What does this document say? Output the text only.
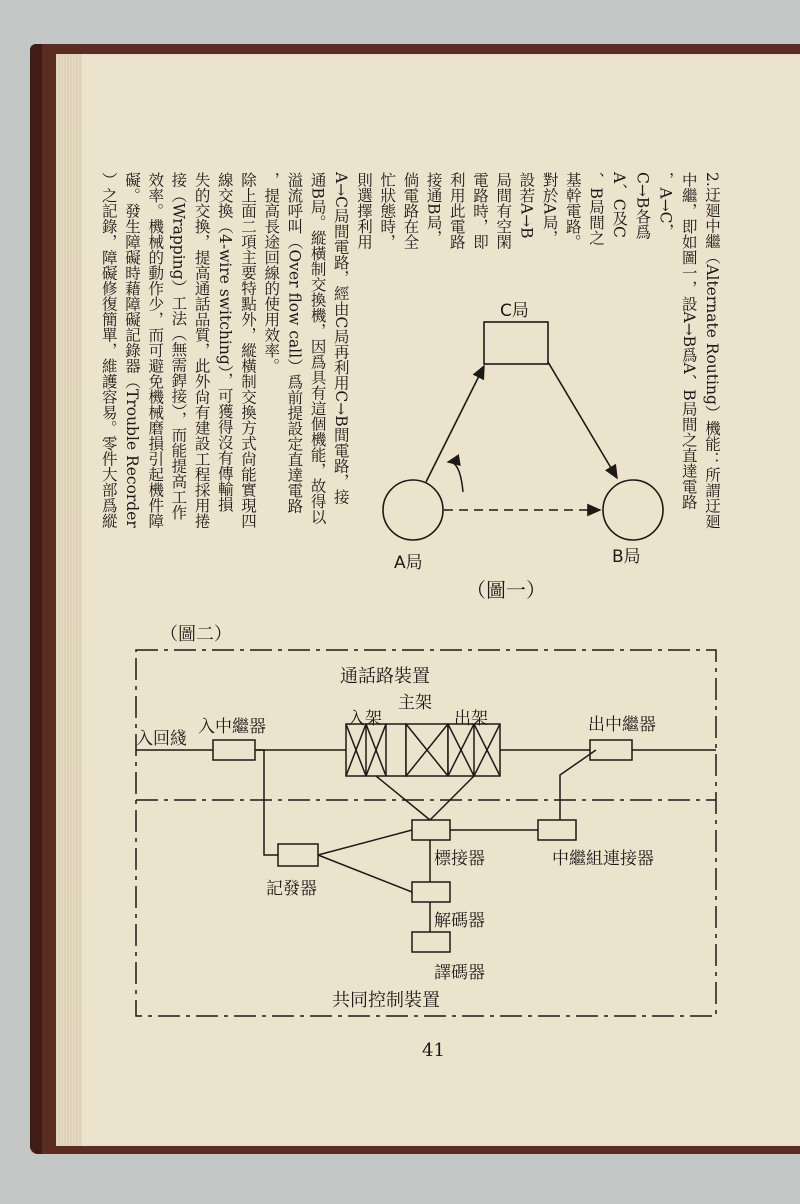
2.迂廻中繼（Alternate Routing）機能：所謂迂廻
中繼，即如圖一，設A→B爲A、B局間之直達電路
，A→C，
C→B各爲
A、C及C
、B局間之
基幹電路。
對於A局，
設若A→B
局間有空閑
電路時，即
利用此電路
接通B局，
倘電路在全
忙狀態時，
則選擇利用
A→C局間電路，經由C局再利用C→B間電路，接
通B局。縱橫制交換機，因爲具有這個機能，故得以
溢流呼叫（Over flow call）爲前提設定直達電路
，提高長途回線的使用效率。
除上面二項主要特點外，縱橫制交換方式尙能實現四
線交換（4-wire switching），可獲得沒有傳輸損
失的交換，提高通話品質，此外尙有建設工程採用捲
接（Wrapping）工法（無需銲接），而能提高工作
效率。機械的動作少，而可避免機械磨損引起機件障
礙。發生障礙時藉障礙記錄器（Trouble Recorder
）之記錄，障礙修復簡單，維護容易。零件大部爲縱	C局
A局	B局
（圖一）
（圖二）
通話路裝置
主架
入架	出架
入回綫
入中繼器	出中繼器
標接器	中繼組連接器
記發器
解碼器
譯碼器
共同控制裝置
41
